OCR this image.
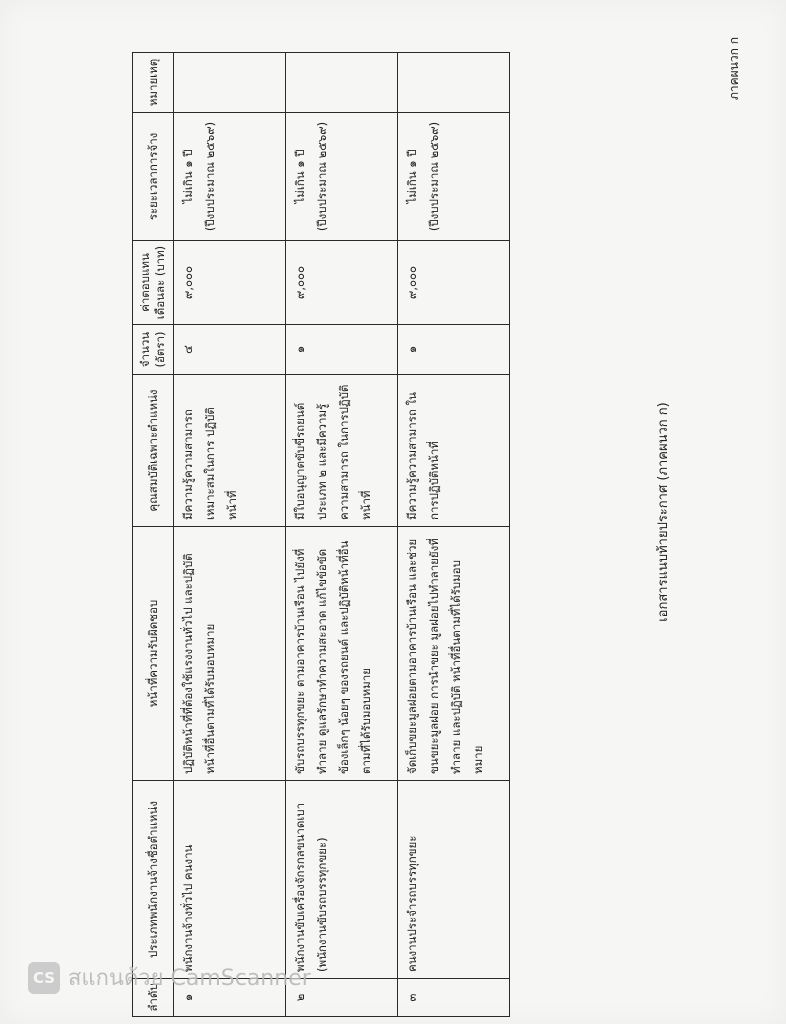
ภาคผนวก ก
ลำดับ	ประเภทพนักงานจ้างชื่อตำแหน่ง	หน้าที่ความรับผิดชอบ	คุณสมบัติเฉพาะตำแหน่ง	จำนวน (อัตรา)	ค่าตอบแทน เดือนละ (บาท)	ระยะเวลาการจ้าง	หมายเหตุ
๑	พนักงานจ้างทั่วไป คนงาน	ปฏิบัติหน้าที่ที่ต้องใช้แรงงานทั่วไป และปฏิบัติหน้าที่อื่นตามที่ได้รับมอบหมาย	มีความรู้ความสามารถ เหมาะสมในการ ปฏิบัติหน้าที่	๔	๙,๐๐๐	ไม่เกิน ๑ ปี (ปีงบประมาณ ๒๕๖๙)	
๒	พนักงานขับเครื่องจักรกลขนาดเบา (พนักงานขับรถบรรทุกขยะ)	ขับรถบรรทุกขยะ ตามอาคารบ้านเรือน ไปยังที่ทำลาย ดูแลรักษาทำความสะอาด แก้ไขข้อขัดข้องเล็กๆ น้อยๆ ของรถยนต์ และปฏิบัติหน้าที่อื่นตามที่ได้รับมอบหมาย	มีใบอนุญาตขับขี่รถยนต์ ประเภท ๒ และมีความรู้ความสามารถ ในการปฏิบัติหน้าที่	๑	๙,๐๐๐	ไม่เกิน ๑ ปี (ปีงบประมาณ ๒๕๖๙)	
๓	คนงานประจำรถบรรทุกขยะ	จัดเก็บขยะมูลฝอยตามอาคารบ้านเรือน และช่วยขนขยะมูลฝอย การนำขยะ มูลฝอยไปทำลายยังที่ทำลาย และปฏิบัติ หน้าที่อื่นตามที่ได้รับมอบหมาย	มีความรู้ความสามารถ ในการปฏิบัติหน้าที่	๑	๙,๐๐๐	ไม่เกิน ๑ ปี (ปีงบประมาณ ๒๕๖๙)	
เอกสารแนบท้ายประกาศ (ภาคผนวก ก)
CS สแกนด้วย CamScanner
